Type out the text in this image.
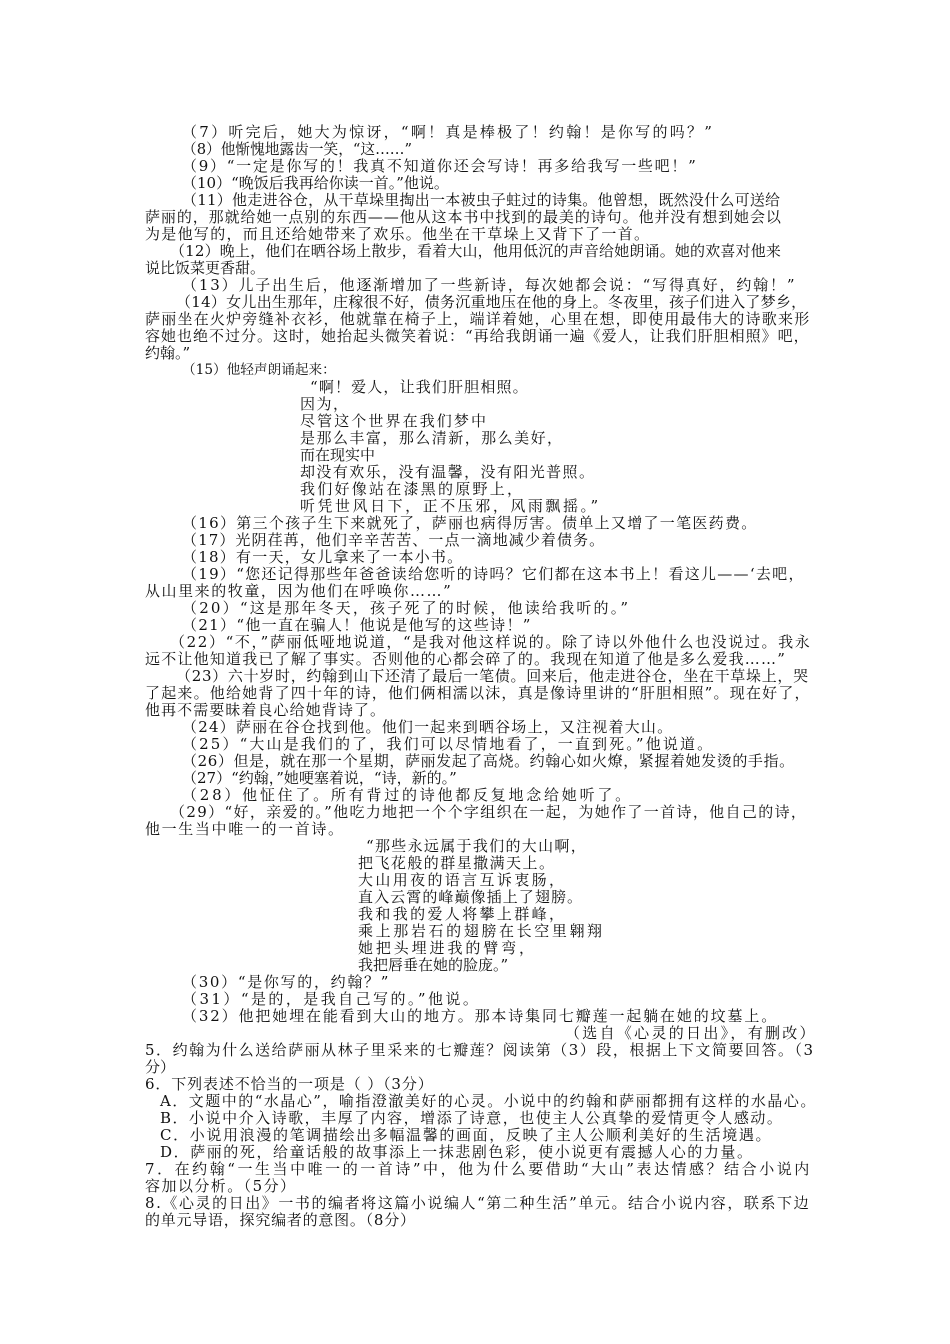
（7）听完后，她大为惊讶，“啊！真是棒极了！约翰！是你写的吗？”
（8）他惭愧地露齿一笑，“这……”
（9）“一定是你写的！我真不知道你还会写诗！再多给我写一些吧！”
（10）“晚饭后我再给你读一首。”他说。
（11）他走进谷仓，从干草垛里掏出一本被虫子蛀过的诗集。他曾想，既然没什么可送给
萨丽的，那就给她一点别的东西——他从这本书中找到的最美的诗句。他并没有想到她会以
为是他写的，而且还给她带来了欢乐。他坐在干草垛上又背下了一首。
（12）晚上，他们在晒谷场上散步，看着大山，他用低沉的声音给她朗诵。她的欢喜对他来
说比饭菜更香甜。
（13）儿子出生后，他逐渐增加了一些新诗，每次她都会说：“写得真好，约翰！”
（14）女儿出生那年，庄稼很不好，债务沉重地压在他的身上。冬夜里，孩子们进入了梦乡，
萨丽坐在火炉旁缝补衣衫，他就靠在椅子上，端详着她，心里在想，即使用最伟大的诗歌来形
容她也绝不过分。这时，她抬起头微笑着说：“再给我朗诵一遍《爱人，让我们肝胆相照》吧，
约翰。”
（15）他轻声朗诵起来：
“啊！爱人，让我们肝胆相照。
因为，
尽管这个世界在我们梦中
是那么丰富，那么清新，那么美好，
而在现实中
却没有欢乐，没有温馨，没有阳光普照。
我们好像站在漆黑的原野上，
听凭世风日下，正不压邪，风雨飘摇。”
（16）第三个孩子生下来就死了，萨丽也病得厉害。债单上又增了一笔医药费。
（17）光阴荏苒，他们辛辛苦苦、一点一滴地减少着债务。
（18）有一天，女儿拿来了一本小书。
（19）“您还记得那些年爸爸读给您听的诗吗？它们都在这本书上！看这儿——‘去吧，
从山里来的牧童，因为他们在呼唤你……”
（20）“这是那年冬天，孩子死了的时候，他读给我听的。”
（21）“他一直在骗人！他说是他写的这些诗！”
（22）“不，”萨丽低哑地说道，“是我对他这样说的。除了诗以外他什么也没说过。我永
远不让他知道我已了解了事实。否则他的心都会碎了的。我现在知道了他是多么爱我……”
（23）六十岁时，约翰到山下还清了最后一笔债。回来后，他走进谷仓，坐在干草垛上，哭
了起来。他给她背了四十年的诗，他们俩相濡以沫，真是像诗里讲的“肝胆相照”。现在好了，
他再不需要昧着良心给她背诗了。
（24）萨丽在谷仓找到他。他们一起来到晒谷场上，又注视着大山。
（25）“大山是我们的了，我们可以尽情地看了，一直到死。”他说道。
（26）但是，就在那一个星期，萨丽发起了高烧。约翰心如火燎，紧握着她发烫的手指。
（27）“约翰，”她哽塞着说，“诗，新的。”
（28）他怔住了。所有背过的诗他都反复地念给她听了。
（29）“好，亲爱的。”他吃力地把一个个字组织在一起，为她作了一首诗，他自己的诗，
他一生当中唯一的一首诗。
“那些永远属于我们的大山啊，
把飞花般的群星撒满天上。
大山用夜的语言互诉衷肠，
直入云霄的峰巅像插上了翅膀。
我和我的爱人将攀上群峰，
乘上那岩石的翅膀在长空里翱翔
她把头埋进我的臂弯，
我把唇垂在她的脸庞。”
（30）“是你写的，约翰？”
（31）“是的，是我自己写的。”他说。
（32）他把她埋在能看到大山的地方。那本诗集同七瓣莲一起躺在她的坟墓上。
（选自《心灵的日出》，有删改）
5．约翰为什么送给萨丽从林子里采来的七瓣莲？阅读第（3）段，根据上下文简要回答。（3
分）
6．下列表述不恰当的一项是（ ）（3分）
A．文题中的“水晶心”，喻指澄澈美好的心灵。小说中的约翰和萨丽都拥有这样的水晶心。
B．小说中介入诗歌，丰厚了内容，增添了诗意，也使主人公真挚的爱情更令人感动。
C．小说用浪漫的笔调描绘出多幅温馨的画面，反映了主人公顺利美好的生活境遇。
D．萨丽的死，给童话般的故事添上一抹悲剧色彩，使小说更有震撼人心的力量。
7．在约翰“一生当中唯一的一首诗”中，他为什么要借助“大山”表达情感？结合小说内
容加以分析。（5分）
8.《心灵的日出》一书的编者将这篇小说编人“第二种生活”单元。结合小说内容，联系下边
的单元导语，探究编者的意图。（8分）
